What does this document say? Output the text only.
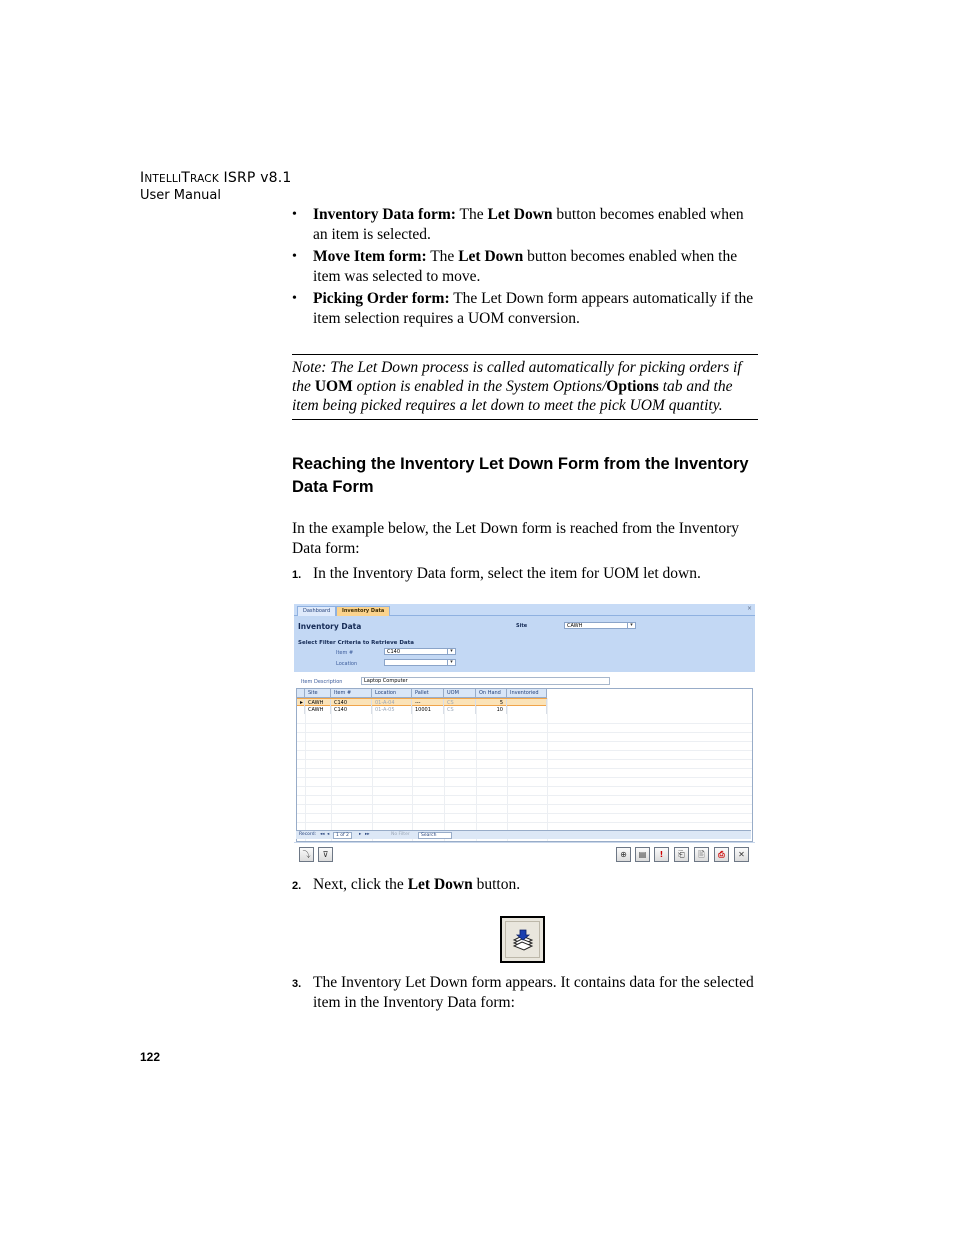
INTELLITRACK ISRP v8.1
User Manual
• Inventory Data form: The Let Down button becomes enabled when an item is selected.
• Move Item form: The Let Down button becomes enabled when the item was selected to move.
• Picking Order form: The Let Down form appears automatically if the item selection requires a UOM conversion.
Note: The Let Down process is called automatically for picking orders if the UOM option is enabled in the System Options/Options tab and the item being picked requires a let down to meet the pick UOM quantity.
Reaching the Inventory Let Down Form from the Inventory Data Form
In the example below, the Let Down form is reached from the Inventory Data form:
1. In the Inventory Data form, select the item for UOM let down.
Dashboard	Inventory Data	×
Inventory Data	Site	CAWH	▾
Select Filter Criteria to Retrieve Data
Item #	C140	▾
Location	▾
Item Description	Laptop Computer
Site	Item #	Location	Pallet	UOM	On Hand	Inventoried
▸ CAWH	C140	01-A-04	---	CS	5
CAWH	C140	01-A-05	10001	CS	10
Record: ◂◂ ◂	1 of 2	▸ ▸▸	No Filter	Search
⤵	⊽	⊕	▤	!	⎗	🖹	⎙	✕
2. Next, click the Let Down button.
3. The Inventory Let Down form appears. It contains data for the selected item in the Inventory Data form:
122
